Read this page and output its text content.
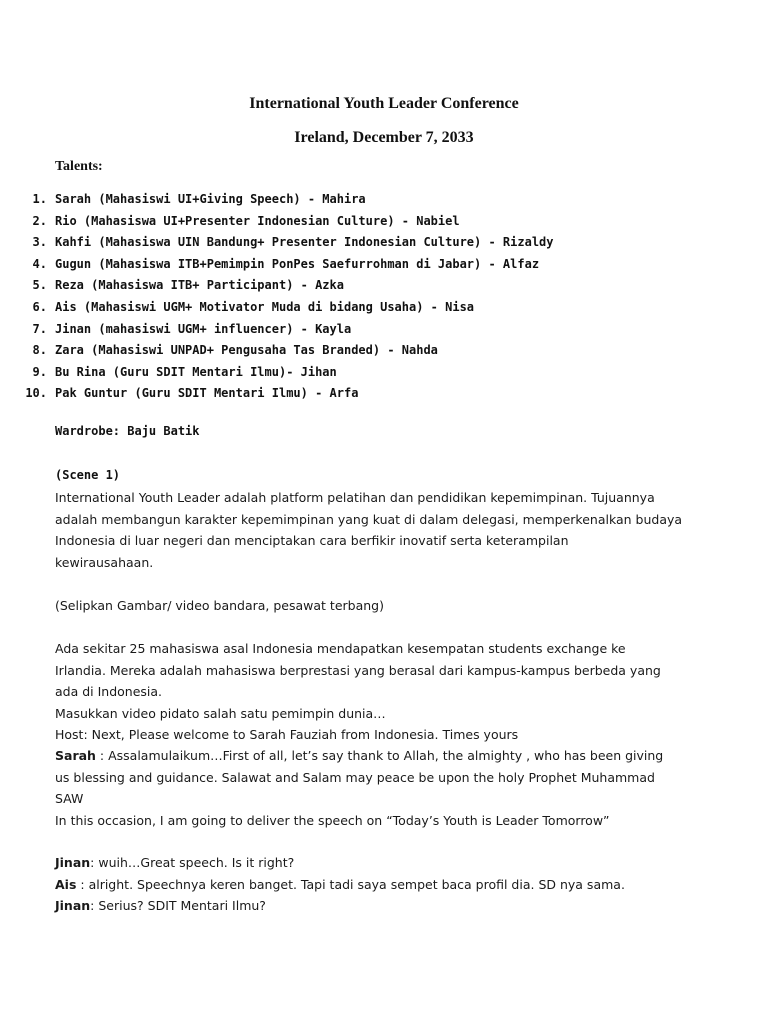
International Youth Leader Conference
Ireland, December 7, 2033
Talents:
1. Sarah (Mahasiswi UI+Giving Speech) - Mahira
2. Rio (Mahasiswa UI+Presenter Indonesian Culture) - Nabiel
3. Kahfi (Mahasiswa UIN Bandung+ Presenter Indonesian Culture) - Rizaldy
4. Gugun (Mahasiswa ITB+Pemimpin PonPes Saefurrohman di Jabar) - Alfaz
5. Reza (Mahasiswa ITB+ Participant) - Azka
6. Ais (Mahasiswi UGM+ Motivator Muda di bidang Usaha) - Nisa
7. Jinan (mahasiswi UGM+ influencer) - Kayla
8. Zara (Mahasiswi UNPAD+ Pengusaha Tas Branded) - Nahda
9. Bu Rina (Guru SDIT Mentari Ilmu)- Jihan
10. Pak Guntur (Guru SDIT Mentari Ilmu) - Arfa
Wardrobe: Baju Batik
(Scene 1)

International Youth Leader adalah platform pelatihan dan pendidikan kepemimpinan. Tujuannya

adalah membangun karakter kepemimpinan yang kuat di dalam delegasi, memperkenalkan budaya

Indonesia di luar negeri dan menciptakan cara berfikir inovatif serta keterampilan

kewirausahaan.

(Selipkan Gambar/ video bandara, pesawat terbang)

Ada sekitar 25 mahasiswa asal Indonesia mendapatkan kesempatan students exchange ke

Irlandia. Mereka adalah mahasiswa berprestasi yang berasal dari kampus-kampus berbeda yang

ada di Indonesia.

Masukkan video pidato salah satu pemimpin dunia…

Host: Next, Please welcome to Sarah Fauziah from Indonesia. Times yours

Sarah : Assalamulaikum…First of all, let’s say thank to Allah, the almighty , who has been giving

us blessing and guidance. Salawat and Salam may peace be upon the holy Prophet Muhammad

SAW

In this occasion, I am going to deliver the speech on “Today’s Youth is Leader Tomorrow”

Jinan: wuih…Great speech. Is it right?

Ais : alright. Speechnya keren banget. Tapi tadi saya sempet baca profil dia. SD nya sama.

Jinan: Serius? SDIT Mentari Ilmu?
